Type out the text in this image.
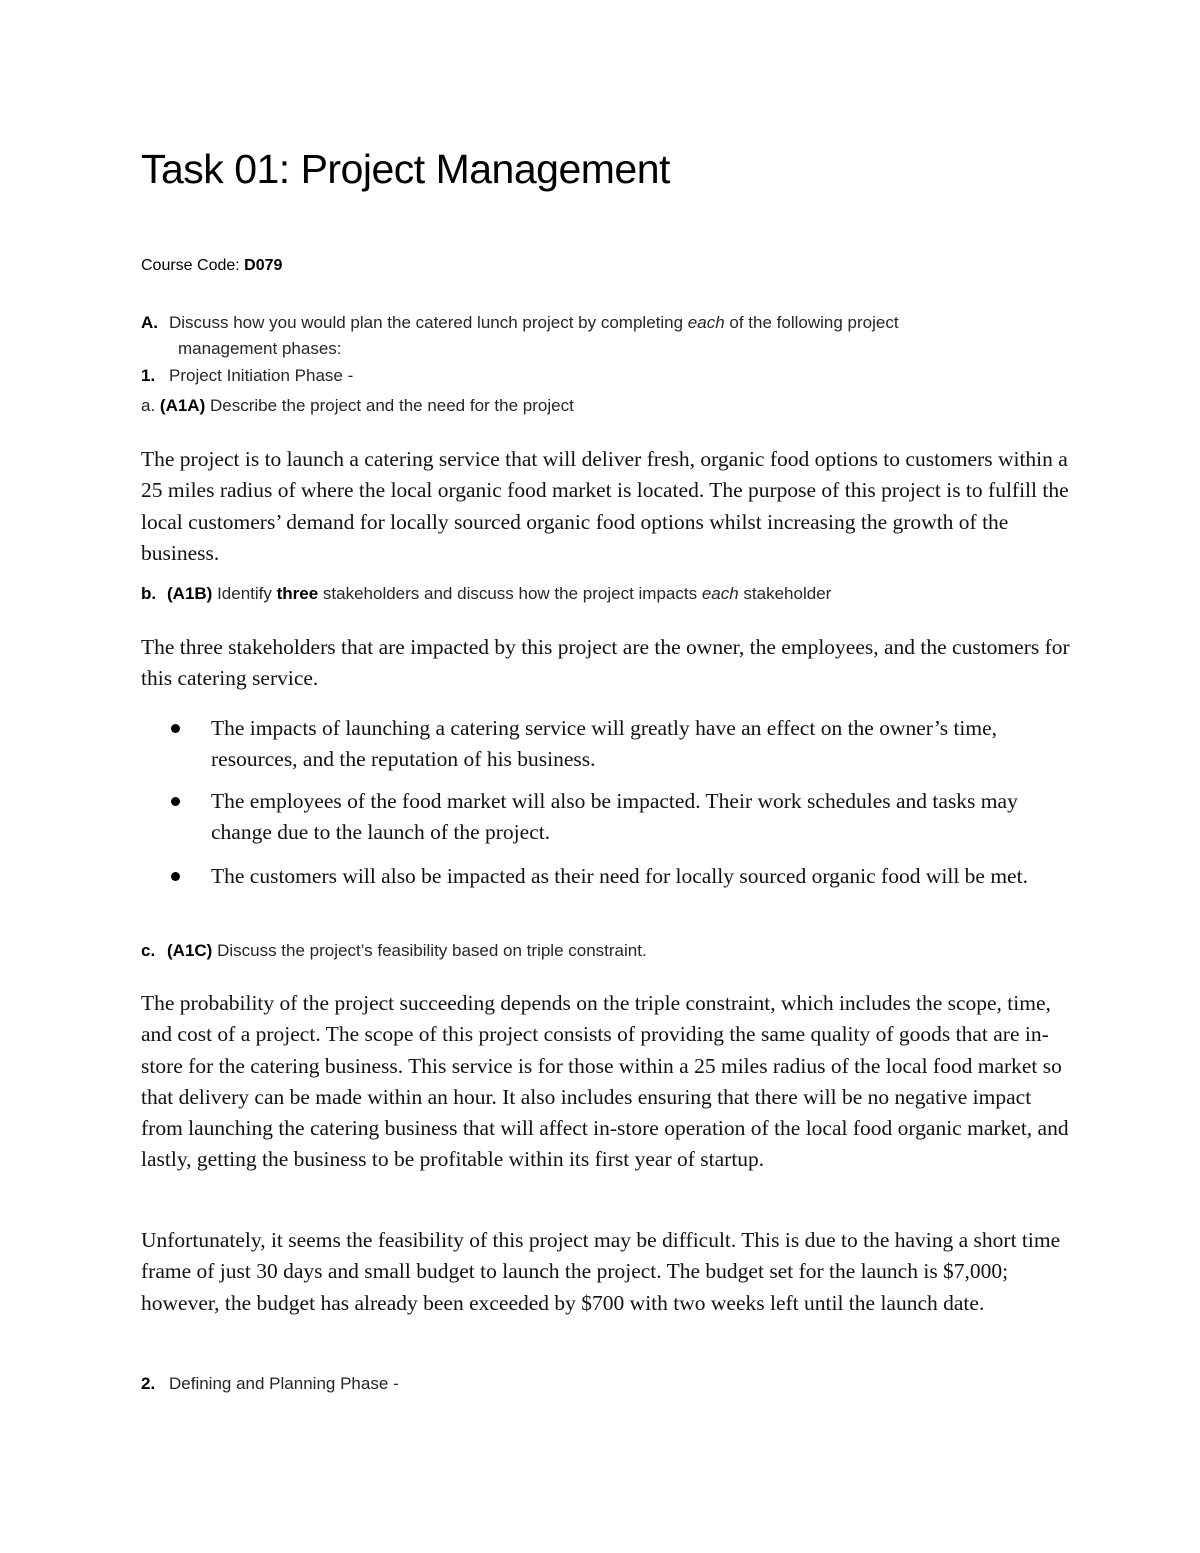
Task 01: Project Management
Course Code: D079
A. Discuss how you would plan the catered lunch project by completing each of the following project
management phases:
1. Project Initiation Phase -
a. (A1A) Describe the project and the need for the project

The project is to launch a catering service that will deliver fresh, organic food options to customers within a 25 miles radius of where the local organic food market is located. The purpose of this project is to fulfill the local customers’ demand for locally sourced organic food options whilst increasing the growth of the business.

b. (A1B) Identify three stakeholders and discuss how the project impacts each stakeholder

The three stakeholders that are impacted by this project are the owner, the employees, and the customers for this catering service.

The impacts of launching a catering service will greatly have an effect on the owner’s time, resources, and the reputation of his business.
The employees of the food market will also be impacted. Their work schedules and tasks may change due to the launch of the project.
The customers will also be impacted as their need for locally sourced organic food will be met.
c. (A1C) Discuss the project’s feasibility based on triple constraint.

The probability of the project succeeding depends on the triple constraint, which includes the scope, time, and cost of a project. The scope of this project consists of providing the same quality of goods that are in-store for the catering business. This service is for those within a 25 miles radius of the local food market so that delivery can be made within an hour. It also includes ensuring that there will be no negative impact from launching the catering business that will affect in-store operation of the local food organic market, and lastly, getting the business to be profitable within its first year of startup.

Unfortunately, it seems the feasibility of this project may be difficult. This is due to the having a short time frame of just 30 days and small budget to launch the project. The budget set for the launch is $7,000; however, the budget has already been exceeded by $700 with two weeks left until the launch date.

2. Defining and Planning Phase -
